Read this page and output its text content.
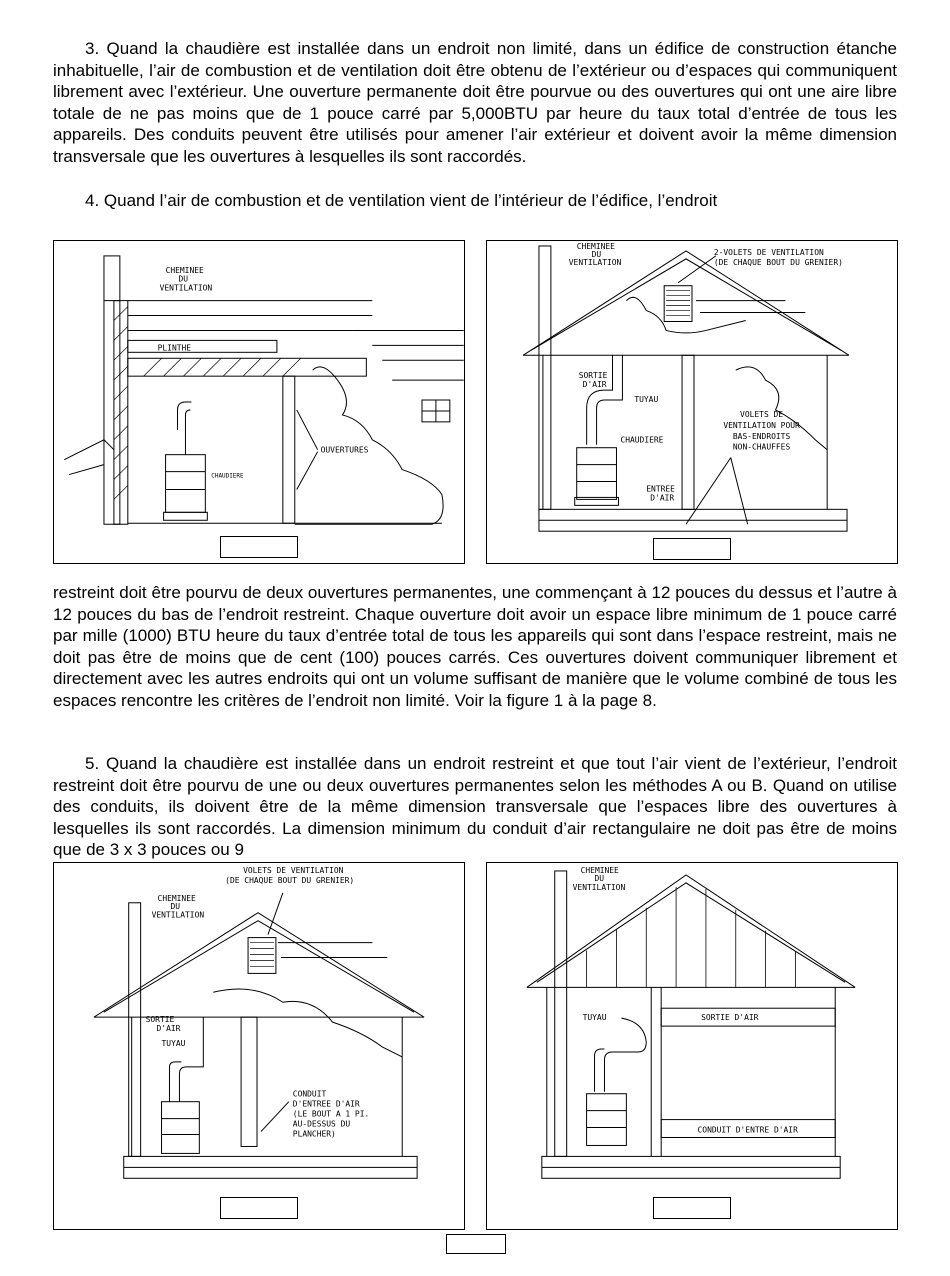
3. Quand la chaudière est installée dans un endroit non limité, dans un édifice de construction étanche inhabituelle, l’air de combustion et de ventilation doit être obtenu de l’extérieur ou d’espaces qui communiquent librement avec l’extérieur. Une ouverture permanente doit être pourvue ou des ouvertures qui ont une aire libre totale de ne pas moins que de 1 pouce carré par 5,000BTU par heure du taux total d’entrée de tous les appareils. Des conduits peuvent être utilisés pour amener l’air extérieur et doivent avoir la même dimension transversale que les ouvertures à lesquelles ils sont raccordés.

4. Quand l’air de combustion et de ventilation vient de l’intérieur de l’édifice, l’endroit

CHEMINEE
DU
VENTILATION
PLINTHE
OUVERTURES
CHAUDIERE
CHEMINEE
DU
VENTILATION
2-VOLETS DE VENTILATION
(DE CHAQUE BOUT DU GRENIER)
SORTIE
D'AIR
TUYAU
CHAUDIERE
VOLETS DE
VENTILATION POUR
BAS-ENDROITS
NON-CHAUFFES
ENTREE
D'AIR

restreint doit être pourvu de deux ouvertures permanentes, une commençant à 12 pouces du dessus et l’autre à 12 pouces du bas de l’endroit restreint. Chaque ouverture doit avoir un espace libre minimum de 1 pouce carré par mille (1000) BTU heure du taux d’entrée total de tous les appareils qui sont dans l’espace restreint, mais ne doit pas être de moins que de cent (100) pouces carrés. Ces ouvertures doivent communiquer librement et directement avec les autres endroits qui ont un volume suffisant de manière que le volume combiné de tous les espaces rencontre les critères de l’endroit non limité. Voir la figure 1 à la page 8.

5. Quand la chaudière est installée dans un endroit restreint et que tout l’air vient de l’extérieur, l’endroit restreint doit être pourvu de une ou deux ouvertures permanentes selon les méthodes A ou B. Quand on utilise des conduits, ils doivent être de la même dimension transversale que l’espaces libre des ouvertures à lesquelles ils sont raccordés. La dimension minimum du conduit d’air rectangulaire ne doit pas être de moins que de 3 x 3 pouces ou 9

VOLETS DE VENTILATION
(DE CHAQUE BOUT DU GRENIER)
CHEMINEE
DU
VENTILATION
SORTIE
D'AIR
TUYAU
CONDUIT
D'ENTREE D'AIR
(LE BOUT A 1 PI.
AU-DESSUS DU
PLANCHER)
CHEMINEE
DU
VENTILATION
TUYAU	SORTIE D'AIR
CONDUIT D'ENTRE D'AIR
